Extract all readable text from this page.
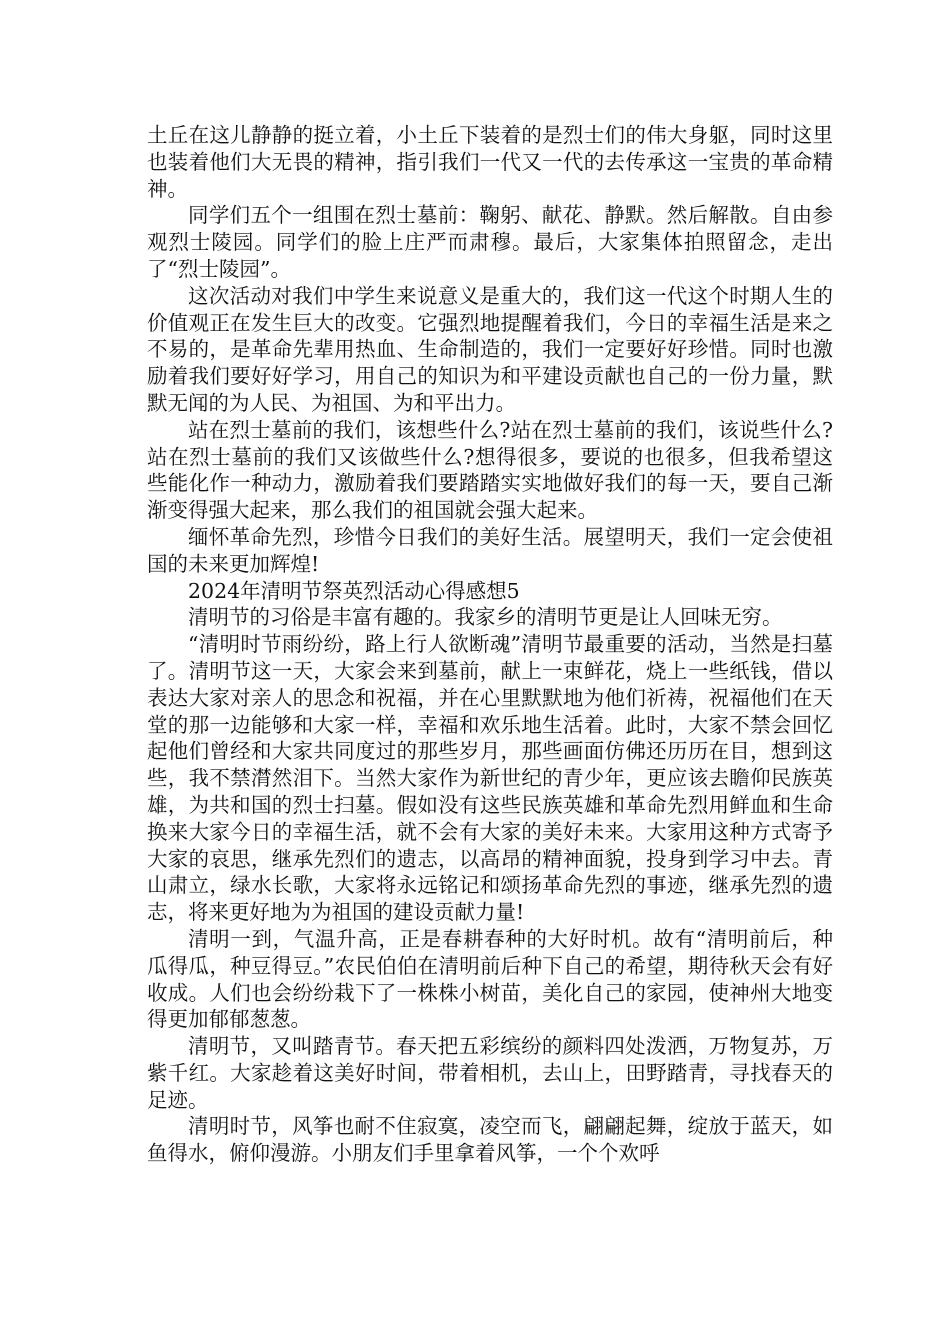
土丘在这儿静静的挺立着，小土丘下装着的是烈士们的伟大身躯，同时这里也装着他们大无畏的精神，指引我们一代又一代的去传承这一宝贵的革命精神。

同学们五个一组围在烈士墓前：鞠躬、献花、静默。然后解散。自由参观烈士陵园。同学们的脸上庄严而肃穆。最后，大家集体拍照留念，走出了“烈士陵园”。

这次活动对我们中学生来说意义是重大的，我们这一代这个时期人生的价值观正在发生巨大的改变。它强烈地提醒着我们，今日的幸福生活是来之不易的，是革命先辈用热血、生命制造的，我们一定要好好珍惜。同时也激励着我们要好好学习，用自己的知识为和平建设贡献也自己的一份力量，默默无闻的为人民、为祖国、为和平出力。

站在烈士墓前的我们，该想些什么?站在烈士墓前的我们，该说些什么?站在烈士墓前的我们又该做些什么?想得很多，要说的也很多，但我希望这些能化作一种动力，激励着我们要踏踏实实地做好我们的每一天，要自己渐渐变得强大起来，那么我们的祖国就会强大起来。

缅怀革命先烈，珍惜今日我们的美好生活。展望明天，我们一定会使祖国的未来更加辉煌!

2024年清明节祭英烈活动心得感想5

清明节的习俗是丰富有趣的。我家乡的清明节更是让人回味无穷。

“清明时节雨纷纷，路上行人欲断魂”清明节最重要的活动，当然是扫墓了。清明节这一天，大家会来到墓前，献上一束鲜花，烧上一些纸钱，借以表达大家对亲人的思念和祝福，并在心里默默地为他们祈祷，祝福他们在天堂的那一边能够和大家一样，幸福和欢乐地生活着。此时，大家不禁会回忆起他们曾经和大家共同度过的那些岁月，那些画面仿佛还历历在目，想到这些，我不禁潸然泪下。当然大家作为新世纪的青少年，更应该去瞻仰民族英雄，为共和国的烈士扫墓。假如没有这些民族英雄和革命先烈用鲜血和生命换来大家今日的幸福生活，就不会有大家的美好未来。大家用这种方式寄予大家的哀思，继承先烈们的遗志，以高昂的精神面貌，投身到学习中去。青山肃立，绿水长歌，大家将永远铭记和颂扬革命先烈的事迹，继承先烈的遗志，将来更好地为为祖国的建设贡献力量!

清明一到，气温升高，正是春耕春种的大好时机。故有“清明前后，种瓜得瓜，种豆得豆。”农民伯伯在清明前后种下自己的希望，期待秋天会有好收成。人们也会纷纷栽下了一株株小树苗，美化自己的家园，使神州大地变得更加郁郁葱葱。

清明节，又叫踏青节。春天把五彩缤纷的颜料四处泼洒，万物复苏，万紫千红。大家趁着这美好时间，带着相机，去山上，田野踏青，寻找春天的足迹。

清明时节，风筝也耐不住寂寞，凌空而飞，翩翩起舞，绽放于蓝天，如鱼得水，俯仰漫游。小朋友们手里拿着风筝，一个个欢呼
